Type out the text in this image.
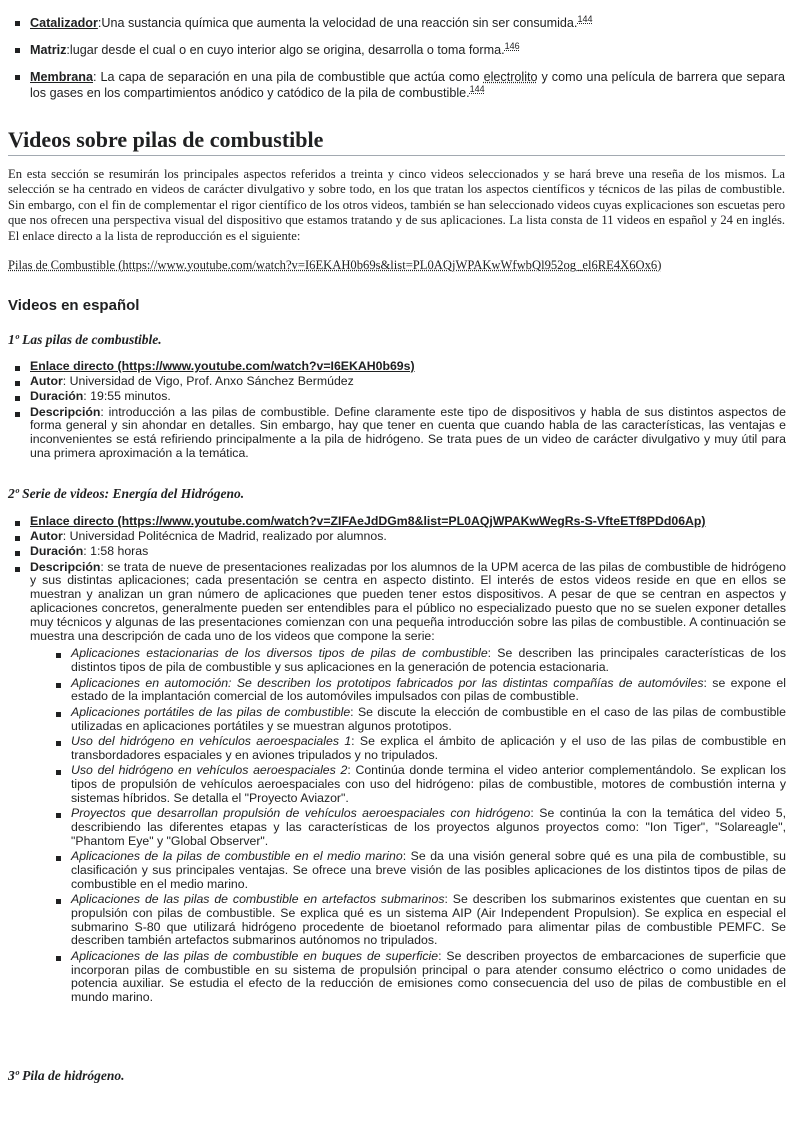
Catalizador:Una sustancia química que aumenta la velocidad de una reacción sin ser consumida.$^{144}$
Matriz:lugar desde el cual o en cuyo interior algo se origina, desarrolla o toma forma.$^{146}$
Membrana: La capa de separación en una pila de combustible que actúa como electrolito y como una película de barrera que separa los gases en los compartimientos anódico y catódico de la pila de combustible.$^{144}$
Videos sobre pilas de combustible

En esta sección se resumirán los principales aspectos referidos a treinta y cinco videos seleccionados y se hará breve una reseña de los mismos. La selección se ha centrado en videos de carácter divulgativo y sobre todo, en los que tratan los aspectos científicos y técnicos de las pilas de combustible. Sin embargo, con el fin de complementar el rigor científico de los otros videos, también se han seleccionado videos cuyas explicaciones son escuetas pero que nos ofrecen una perspectiva visual del dispositivo que estamos tratando y de sus aplicaciones. La lista consta de 11 videos en español y 24 en inglés. El enlace directo a la lista de reproducción es el siguiente:

Pilas de Combustible (https://www.youtube.com/watch?v=I6EKAH0b69s&list=PL0AQjWPAKwWfwbQl952og_el6RE4X6Ox6)

Videos en español
1º Las pilas de combustible.
Enlace directo (https://www.youtube.com/watch?v=I6EKAH0b69s)
Autor: Universidad de Vigo, Prof. Anxo Sánchez Bermúdez
Duración: 19:55 minutos.
Descripción: introducción a las pilas de combustible. Define claramente este tipo de dispositivos y habla de sus distintos aspectos de forma general y sin ahondar en detalles. Sin embargo, hay que tener en cuenta que cuando habla de las características, las ventajas e inconvenientes se está refiriendo principalmente a la pila de hidrógeno. Se trata pues de un video de carácter divulgativo y muy útil para una primera aproximación a la temática.
2º Serie de videos: Energía del Hidrógeno.
Enlace directo (https://www.youtube.com/watch?v=ZIFAeJdDGm8&list=PL0AQjWPAKwWegRs-S-VfteETf8PDd06Ap)
Autor: Universidad Politécnica de Madrid, realizado por alumnos.
Duración: 1:58 horas
Descripción: se trata de nueve de presentaciones realizadas por los alumnos de la UPM acerca de las pilas de combustible de hidrógeno y sus distintas aplicaciones; cada presentación se centra en aspecto distinto. El interés de estos videos reside en que en ellos se muestran y analizan un gran número de aplicaciones que pueden tener estos dispositivos. A pesar de que se centran en aspectos y aplicaciones concretos, generalmente pueden ser entendibles para el público no especializado puesto que no se suelen exponer detalles muy técnicos y algunas de las presentaciones comienzan con una pequeña introducción sobre las pilas de combustible. A continuación se muestra una descripción de cada uno de los videos que compone la serie:
Aplicaciones estacionarias de los diversos tipos de pilas de combustible: Se describen las principales características de los distintos tipos de pila de combustible y sus aplicaciones en la generación de potencia estacionaria.
Aplicaciones en automoción: Se describen los prototipos fabricados por las distintas compañías de automóviles: se expone el estado de la implantación comercial de los automóviles impulsados con pilas de combustible.
Aplicaciones portátiles de las pilas de combustible: Se discute la elección de combustible en el caso de las pilas de combustible utilizadas en aplicaciones portátiles y se muestran algunos prototipos.
Uso del hidrógeno en vehículos aeroespaciales 1: Se explica el ámbito de aplicación y el uso de las pilas de combustible en transbordadores espaciales y en aviones tripulados y no tripulados.
Uso del hidrógeno en vehículos aeroespaciales 2: Continúa donde termina el video anterior complementándolo. Se explican los tipos de propulsión de vehículos aeroespaciales con uso del hidrógeno: pilas de combustible, motores de combustión interna y sistemas híbridos. Se detalla el "Proyecto Aviazor".
Proyectos que desarrollan propulsión de vehículos aeroespaciales con hidrógeno: Se continúa la con la temática del video 5, describiendo las diferentes etapas y las características de los proyectos algunos proyectos como: "Ion Tiger", "Solareagle", "Phantom Eye" y "Global Observer".
Aplicaciones de la pilas de combustible en el medio marino: Se da una visión general sobre qué es una pila de combustible, su clasificación y sus principales ventajas. Se ofrece una breve visión de las posibles aplicaciones de los distintos tipos de pilas de combustible en el medio marino.
Aplicaciones de las pilas de combustible en artefactos submarinos: Se describen los submarinos existentes que cuentan en su propulsión con pilas de combustible. Se explica qué es un sistema AIP (Air Independent Propulsion). Se explica en especial el submarino S-80 que utilizará hidrógeno procedente de bioetanol reformado para alimentar pilas de combustible PEMFC. Se describen también artefactos submarinos autónomos no tripulados.
Aplicaciones de las pilas de combustible en buques de superficie: Se describen proyectos de embarcaciones de superficie que incorporan pilas de combustible en su sistema de propulsión principal o para atender consumo eléctrico o como unidades de potencia auxiliar. Se estudia el efecto de la reducción de emisiones como consecuencia del uso de pilas de combustible en el mundo marino.
3º Pila de hidrógeno.
